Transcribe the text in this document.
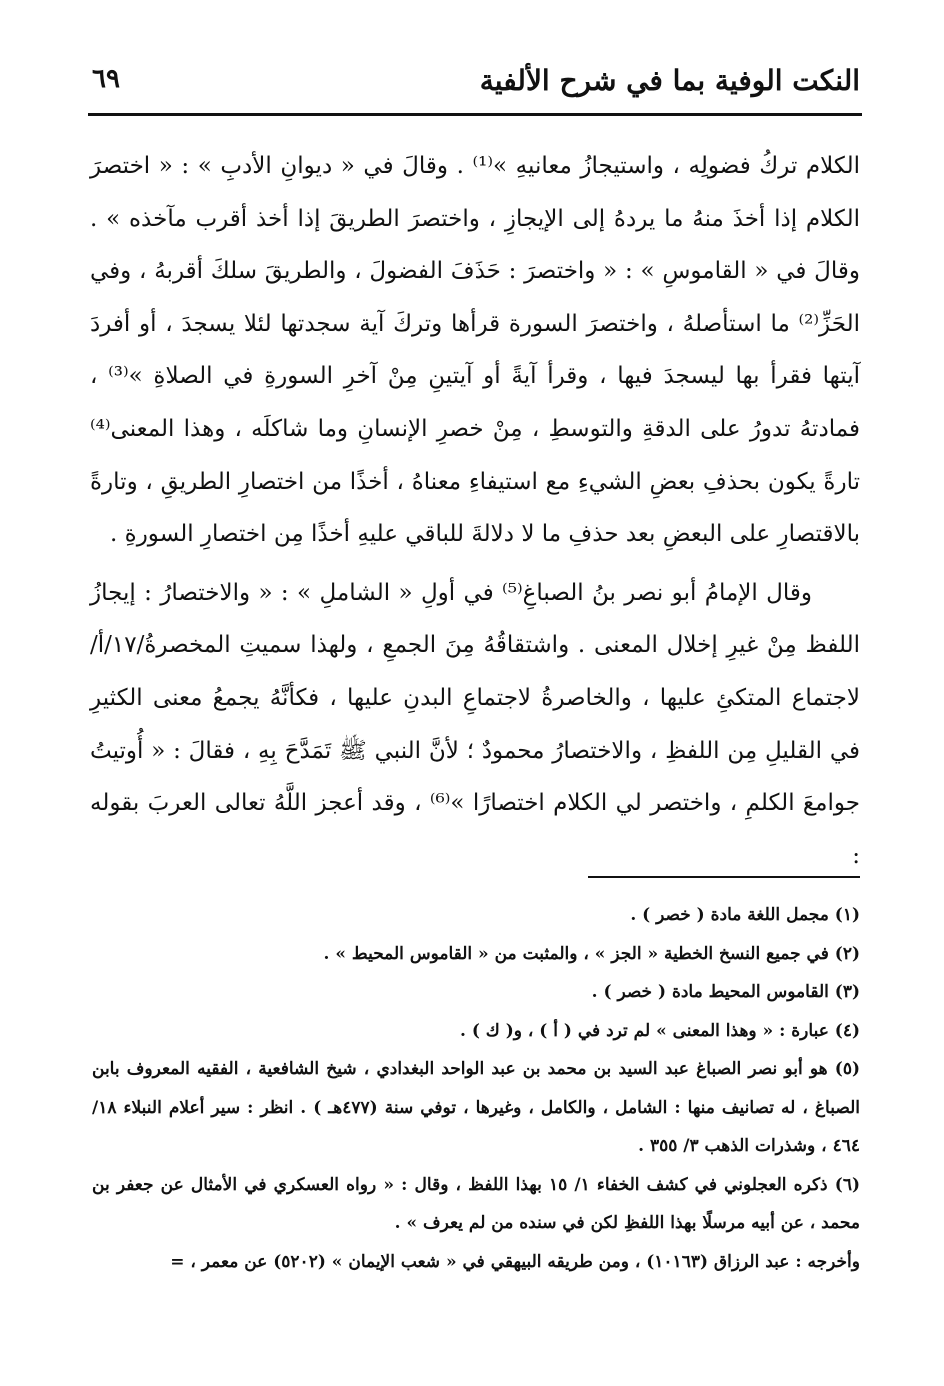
النكت الوفية بما في شرح الألفية
٦٩

الكلام تركُ فضولِه ، واستيجازُ معانيهِ »⁽¹⁾ . وقالَ في « ديوانِ الأدبِ » : « اختصرَ الكلام إذا أخذَ منهُ ما يردهُ إلى الإيجازِ ، واختصرَ الطريقَ إذا أخذ أقرب مآخذه » . وقالَ في « القاموسِ » : « واختصرَ : حَذَفَ الفضولَ ، والطريقَ سلكَ أقربهُ ، وفي الحَزِّ⁽²⁾ ما استأصلهُ ، واختصرَ السورة قرأها وتركَ آية سجدتها لئلا يسجدَ ، أو أفردَ آيتها فقرأ بها ليسجدَ فيها ، وقرأ آيةً أو آيتينِ مِنْ آخرِ السورةِ في الصلاةِ »⁽³⁾ ، فمادتهُ تدورُ على الدقةِ والتوسطِ ، مِنْ خصرِ الإنسانِ وما شاكلَه ، وهذا المعنى⁽⁴⁾ تارةً يكون بحذفِ بعضِ الشيءِ مع استيفاءِ معناهُ ، أخذًا من اختصارِ الطريقِ ، وتارةً بالاقتصارِ على البعضِ بعد حذفِ ما لا دلالةَ للباقي عليهِ أخذًا مِن اختصارِ السورةِ .

وقال الإمامُ أبو نصر بنُ الصباغِ⁽⁵⁾ في أولِ « الشاملِ » : « والاختصارُ : إيجازُ اللفظ مِنْ غيرِ إخلال المعنى . واشتقاقُهُ مِنَ الجمعِ ، ولهذا سميتِ المخصرةُ/١٧/أ/ لاجتماع المتكئِ عليها ، والخاصرةُ لاجتماعِ البدنِ عليها ، فكأنَّهُ يجمعُ معنى الكثيرِ في القليلِ مِن اللفظِ ، والاختصارُ محمودٌ ؛ لأنَّ النبي ﷺ تَمَدَّحَ بِهِ ، فقالَ : « أُوتيتُ جوامعَ الكلمِ ، واختصر لي الكلام اختصارًا »⁽⁶⁾ ، وقد أعجز اللَّهُ تعالى العربَ بقوله :

(١) مجمل اللغة مادة ( خصر ) .
(٢) في جميع النسخ الخطية « الجز » ، والمثبت من « القاموس المحيط » .
(٣) القاموس المحيط مادة ( خصر ) .
(٤) عبارة : « وهذا المعنى » لم ترد في ( أ ) ، و( ك ) .
(٥) هو أبو نصر الصباغ عبد السيد بن محمد بن عبد الواحد البغدادي ، شيخ الشافعية ، الفقيه المعروف بابن الصباغ ، له تصانيف منها : الشامل ، والكامل ، وغيرها ، توفي سنة (٤٧٧هـ ) . انظر : سير أعلام النبلاء ١٨/ ٤٦٤ ، وشذرات الذهب ٣/ ٣٥٥ .
(٦) ذكره العجلوني في كشف الخفاء ١/ ١٥ بهذا اللفظ ، وقال : « رواه العسكري في الأمثال عن جعفر بن محمد ، عن أبيه مرسلًا بهذا اللفظِ لكن في سنده من لم يعرف » .
وأخرجه : عبد الرزاق (١٠١٦٣) ، ومن طريقه البيهقي في « شعب الإيمان » (٥٢٠٢) عن معمر ، =
